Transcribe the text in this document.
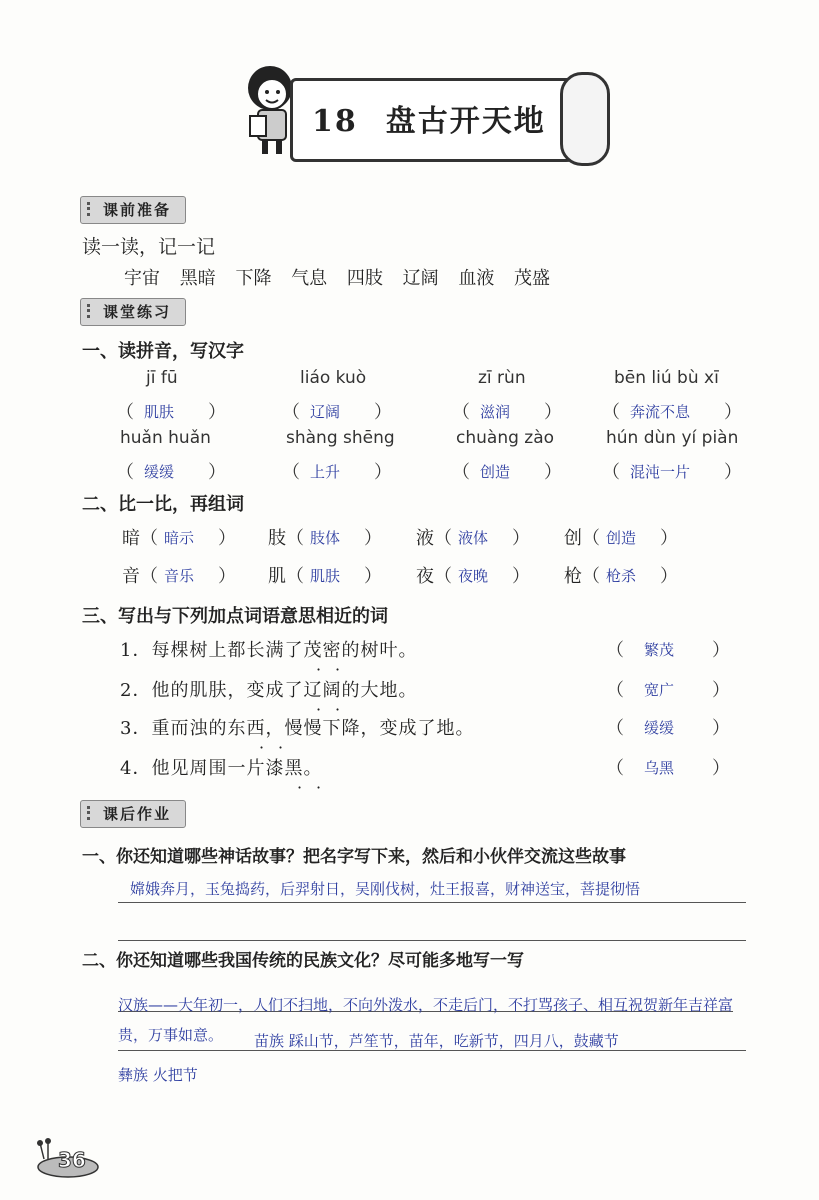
18 盘古开天地
课前准备
读一读，记一记
宇宙 黑暗 下降 气息 四肢 辽阔 血液 茂盛
课堂练习
一、读拼音，写汉字
jī fū
（ 肌肤 ）
liáo kuò
（ 辽阔 ）
zī rùn
（ 滋润 ）
bēn liú bù xī
（ 奔流不息 ）
huǎn huǎn
（ 缓缓 ）
shàng shēng
（ 上升 ）
chuàng zào
（ 创造 ）
hún dùn yí piàn
（ 混沌一片 ）
二、比一比，再组词
暗 （ 暗示 ） 肢 （ 肢体 ） 液 （ 液体 ） 创 （ 创造 ）
音 （ 音乐 ） 肌 （ 肌肤 ） 夜 （ 夜晚 ） 枪 （ 枪杀 ）
三、写出与下列加点词语意思相近的词
1．每棵树上都长满了茂密的树叶。
· ·
（ 繁茂 ）
2．他的肌肤，变成了辽阔的大地。
· ·
（ 宽广 ）
3．重而浊的东西，慢慢下降，变成了地。
· ·
（ 缓缓 ）
4．他见周围一片漆黑。
· ·
（ 乌黑 ）
课后作业
一、你还知道哪些神话故事？把名字写下来，然后和小伙伴交流这些故事
嫦娥奔月，玉兔捣药，后羿射日，吴刚伐树，灶王报喜，财神送宝，菩提彻悟
二、你还知道哪些我国传统的民族文化？尽可能多地写一写
汉族——大年初一，人们不扫地，不向外泼水，不走后门，不打骂孩子、相互祝贺新年吉祥富
贵，万事如意。 苗族 踩山节，芦笙节，苗年，吃新节，四月八，鼓藏节
彝族 火把节
36
